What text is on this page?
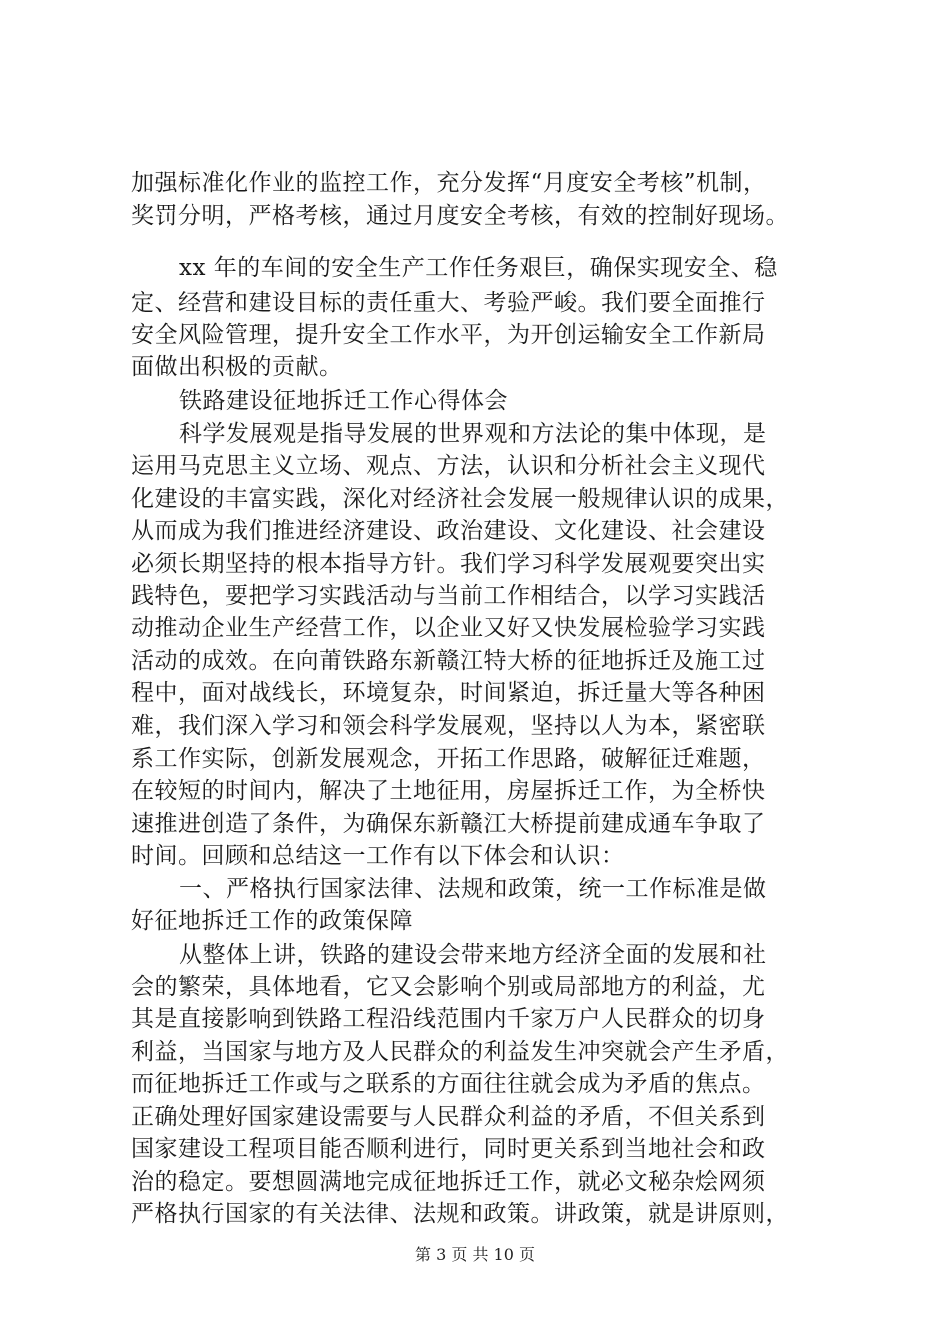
加强标准化作业的监控工作，充分发挥“月度安全考核”机制，
奖罚分明，严格考核，通过月度安全考核，有效的控制好现场。
xx 年的车间的安全生产工作任务艰巨，确保实现安全、稳
定、经营和建设目标的责任重大、考验严峻。我们要全面推行
安全风险管理，提升安全工作水平，为开创运输安全工作新局
面做出积极的贡献。
铁路建设征地拆迁工作心得体会
科学发展观是指导发展的世界观和方法论的集中体现，是
运用马克思主义立场、观点、方法，认识和分析社会主义现代
化建设的丰富实践，深化对经济社会发展一般规律认识的成果，
从而成为我们推进经济建设、政治建设、文化建设、社会建设
必须长期坚持的根本指导方针。我们学习科学发展观要突出实
践特色，要把学习实践活动与当前工作相结合，以学习实践活
动推动企业生产经营工作，以企业又好又快发展检验学习实践
活动的成效。在向莆铁路东新赣江特大桥的征地拆迁及施工过
程中，面对战线长，环境复杂，时间紧迫，拆迁量大等各种困
难，我们深入学习和领会科学发展观，坚持以人为本，紧密联
系工作实际，创新发展观念，开拓工作思路，破解征迁难题，
在较短的时间内，解决了土地征用，房屋拆迁工作，为全桥快
速推进创造了条件，为确保东新赣江大桥提前建成通车争取了
时间。回顾和总结这一工作有以下体会和认识：
一、严格执行国家法律、法规和政策，统一工作标准是做
好征地拆迁工作的政策保障
从整体上讲，铁路的建设会带来地方经济全面的发展和社
会的繁荣，具体地看，它又会影响个别或局部地方的利益，尤
其是直接影响到铁路工程沿线范围内千家万户人民群众的切身
利益，当国家与地方及人民群众的利益发生冲突就会产生矛盾，
而征地拆迁工作或与之联系的方面往往就会成为矛盾的焦点。
正确处理好国家建设需要与人民群众利益的矛盾，不但关系到
国家建设工程项目能否顺利进行，同时更关系到当地社会和政
治的稳定。要想圆满地完成征地拆迁工作，就必文秘杂烩网须
严格执行国家的有关法律、法规和政策。讲政策，就是讲原则，
第 3 页 共 10 页
